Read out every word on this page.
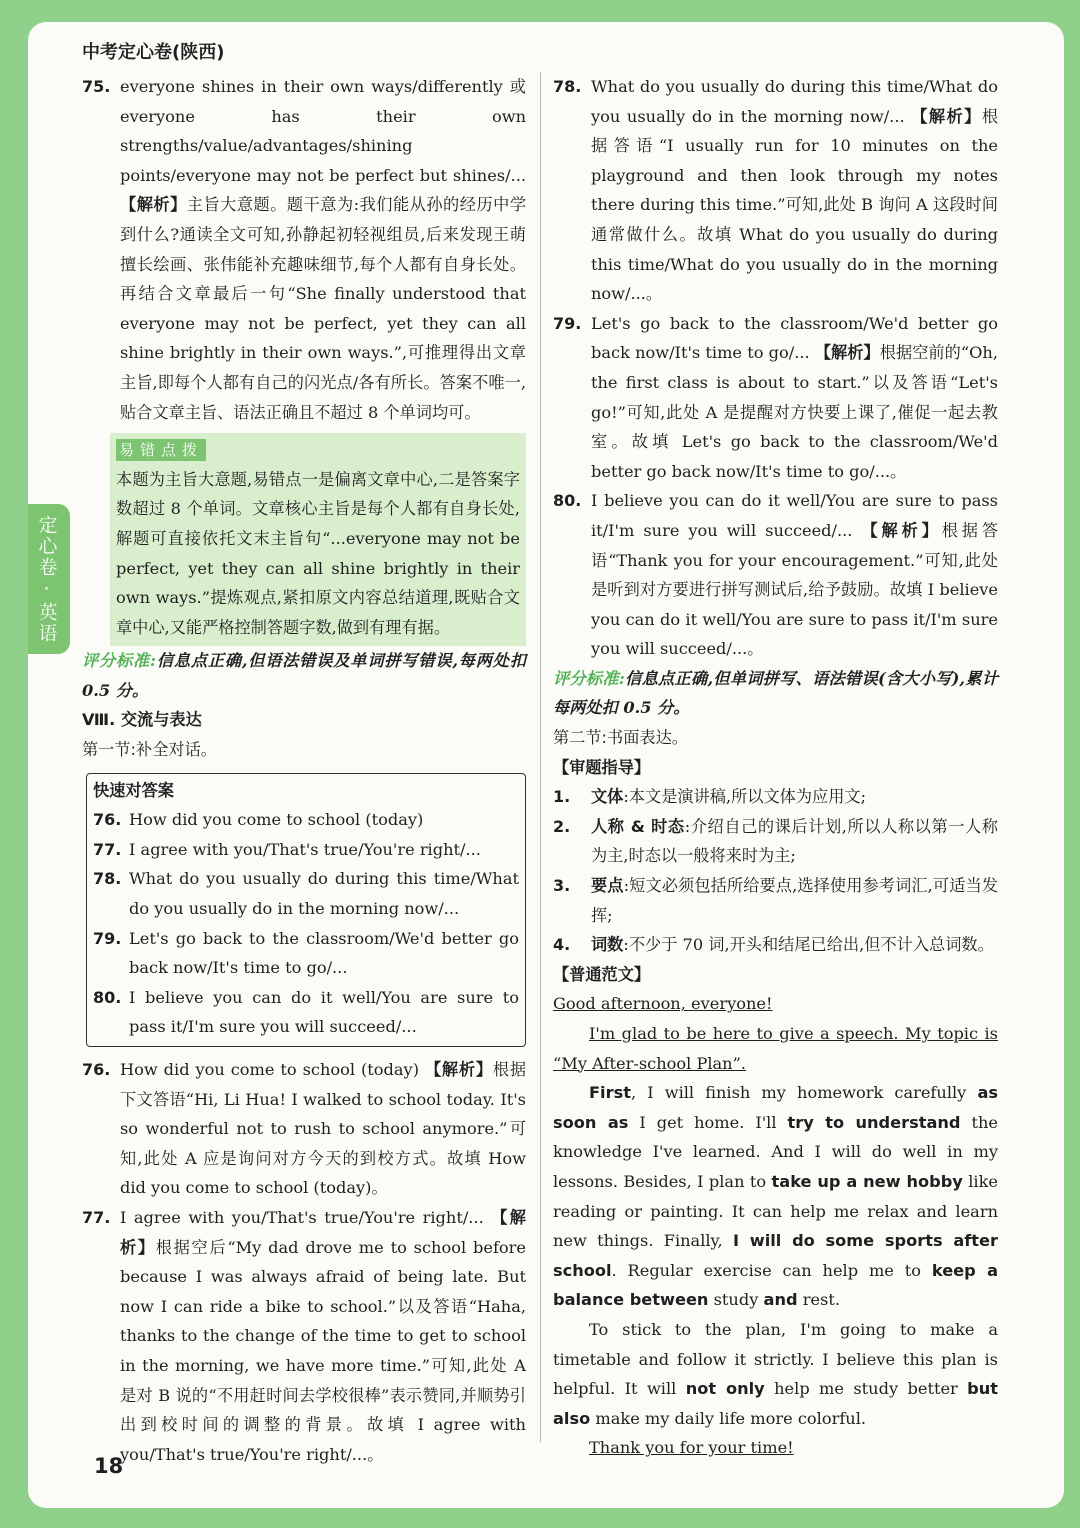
中考定心卷(陕西)
定心卷·英语
75. everyone shines in their own ways/differently 或 everyone has their own strengths/value/advantages/shining points/everyone may not be perfect but shines/... 【解析】主旨大意题。题干意为:我们能从孙的经历中学到什么?通读全文可知,孙静起初轻视组员,后来发现王萌擅长绘画、张伟能补充趣味细节,每个人都有自身长处。再结合文章最后一句“She finally understood that everyone may not be perfect, yet they can all shine brightly in their own ways.”,可推理得出文章主旨,即每个人都有自己的闪光点/各有所长。答案不唯一,贴合文章主旨、语法正确且不超过 8 个单词均可。
易错点拨
本题为主旨大意题,易错点一是偏离文章中心,二是答案字数超过 8 个单词。文章核心主旨是每个人都有自身长处,解题可直接依托文末主旨句“...everyone may not be perfect, yet they can all shine brightly in their own ways.”提炼观点,紧扣原文内容总结道理,既贴合文章中心,又能严格控制答题字数,做到有理有据。
评分标准:信息点正确,但语法错误及单词拼写错误,每两处扣 0.5 分。
Ⅷ. 交流与表达
第一节:补全对话。
快速对答案
76. How did you come to school (today)
77. I agree with you/That's true/You're right/...
78. What do you usually do during this time/What do you usually do in the morning now/...
79. Let's go back to the classroom/We'd better go back now/It's time to go/...
80. I believe you can do it well/You are sure to pass it/I'm sure you will succeed/...
76. How did you come to school (today) 【解析】根据下文答语“Hi, Li Hua! I walked to school today. It's so wonderful not to rush to school anymore.”可知,此处 A 应是询问对方今天的到校方式。故填 How did you come to school (today)。
77. I agree with you/That's true/You're right/... 【解析】根据空后“My dad drove me to school before because I was always afraid of being late. But now I can ride a bike to school.”以及答语“Haha, thanks to the change of the time to get to school in the morning, we have more time.”可知,此处 A 是对 B 说的“不用赶时间去学校很棒”表示赞同,并顺势引出到校时间的调整的背景。故填 I agree with you/That's true/You're right/...。
78. What do you usually do during this time/What do you usually do in the morning now/... 【解析】根据答语“I usually run for 10 minutes on the playground and then look through my notes there during this time.”可知,此处 B 询问 A 这段时间通常做什么。故填 What do you usually do during this time/What do you usually do in the morning now/...。
79. Let's go back to the classroom/We'd better go back now/It's time to go/... 【解析】根据空前的“Oh, the first class is about to start.”以及答语“Let's go!”可知,此处 A 是提醒对方快要上课了,催促一起去教室。故填 Let's go back to the classroom/We'd better go back now/It's time to go/...。
80. I believe you can do it well/You are sure to pass it/I'm sure you will succeed/... 【解析】根据答语“Thank you for your encouragement.”可知,此处是听到对方要进行拼写测试后,给予鼓励。故填 I believe you can do it well/You are sure to pass it/I'm sure you will succeed/...。
评分标准:信息点正确,但单词拼写、语法错误(含大小写),累计每两处扣 0.5 分。
第二节:书面表达。
【审题指导】
1.	文体:本文是演讲稿,所以文体为应用文;
2.	人称 & 时态:介绍自己的课后计划,所以人称以第一人称为主,时态以一般将来时为主;
3.	要点:短文必须包括所给要点,选择使用参考词汇,可适当发挥;
4.	词数:不少于 70 词,开头和结尾已给出,但不计入总词数。
【普通范文】
Good afternoon, everyone!
I'm glad to be here to give a speech. My topic is “My After-school Plan”.
First, I will finish my homework carefully as soon as I get home. I'll try to understand the knowledge I've learned. And I will do well in my lessons. Besides, I plan to take up a new hobby like reading or painting. It can help me relax and learn new things. Finally, I will do some sports after school. Regular exercise can help me to keep a balance between study and rest.
To stick to the plan, I'm going to make a timetable and follow it strictly. I believe this plan is helpful. It will not only help me study better but also make my daily life more colorful.
Thank you for your time!
18
